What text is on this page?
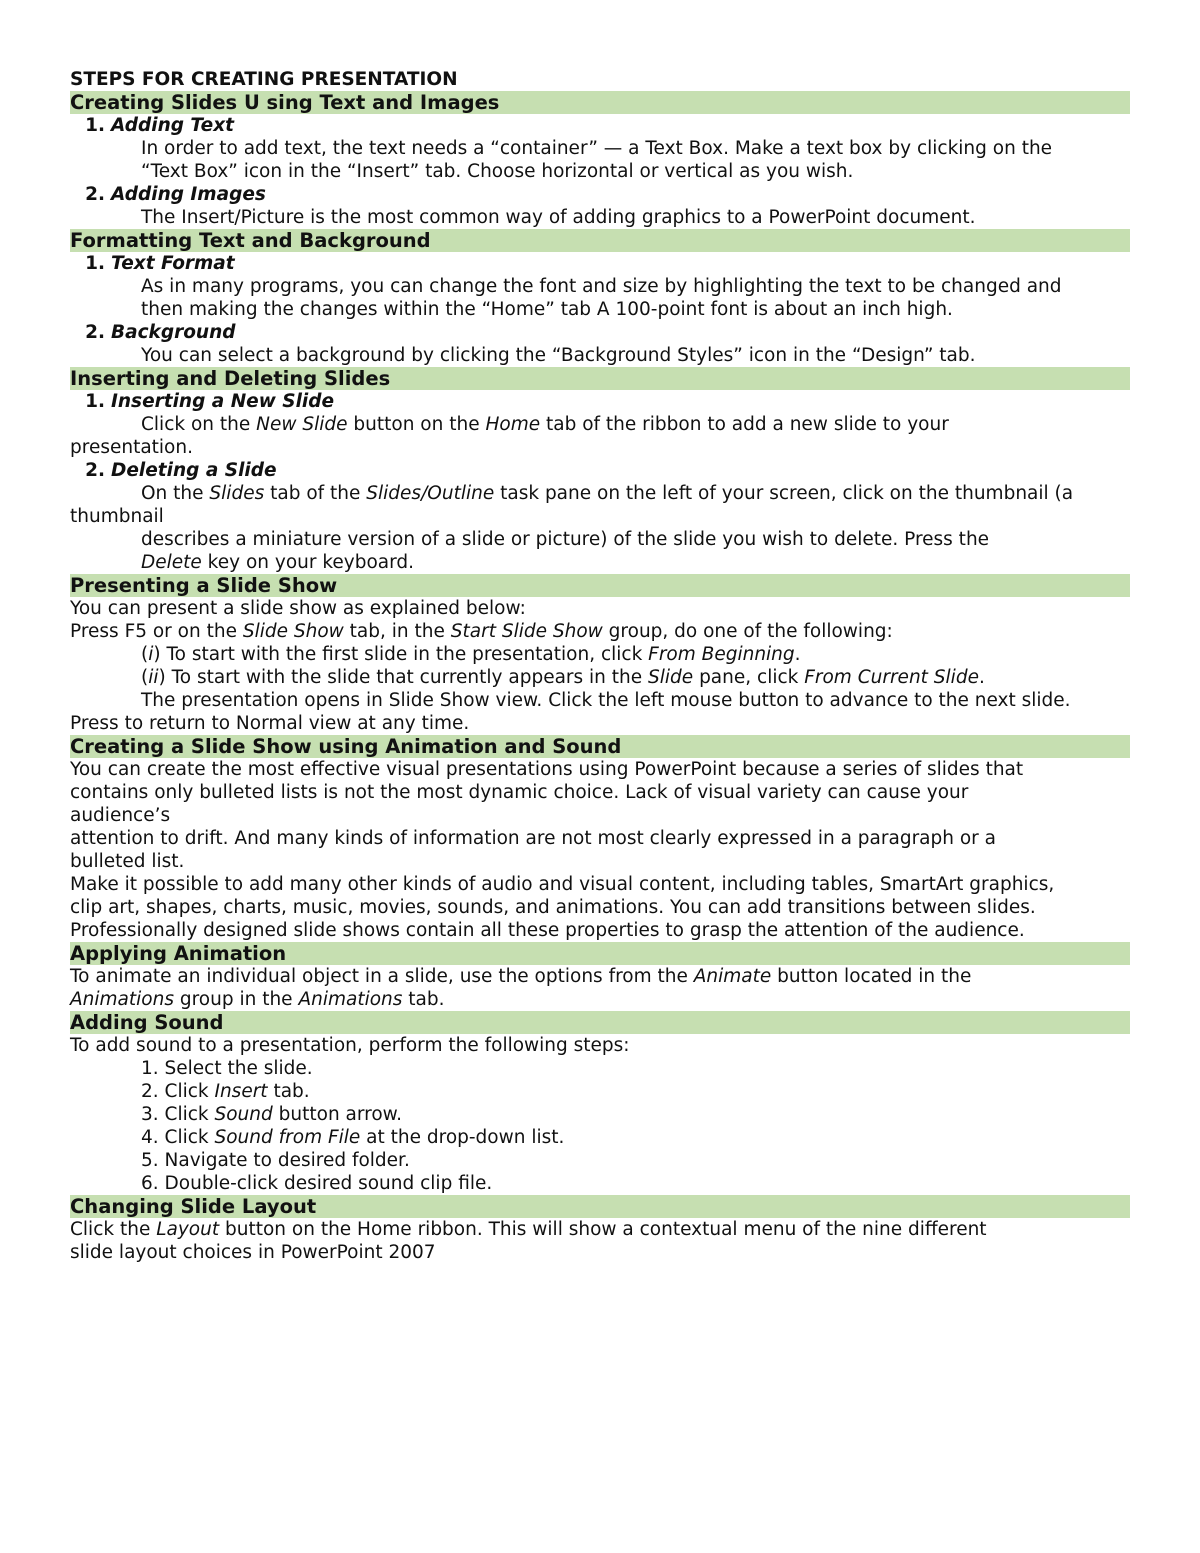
STEPS FOR CREATING PRESENTATION
Creating Slides U sing Text and Images
1. Adding Text
In order to add text, the text needs a “container” — a Text Box. Make a text box by clicking on the
“Text Box” icon in the “Insert” tab. Choose horizontal or vertical as you wish.
2. Adding Images
The Insert/Picture is the most common way of adding graphics to a PowerPoint document.
Formatting Text and Background
1. Text Format
As in many programs, you can change the font and size by highlighting the text to be changed and
then making the changes within the “Home” tab A 100-point font is about an inch high.
2. Background
You can select a background by clicking the “Background Styles” icon in the “Design” tab.
Inserting and Deleting Slides
1. Inserting a New Slide
Click on the New Slide button on the Home tab of the ribbon to add a new slide to your
presentation.
2. Deleting a Slide
On the Slides tab of the Slides/Outline task pane on the left of your screen, click on the thumbnail (a
thumbnail
describes a miniature version of a slide or picture) of the slide you wish to delete. Press the
Delete key on your keyboard.
Presenting a Slide Show
You can present a slide show as explained below:
Press F5 or on the Slide Show tab, in the Start Slide Show group, do one of the following:
(i) To start with the first slide in the presentation, click From Beginning.
(ii) To start with the slide that currently appears in the Slide pane, click From Current Slide.
The presentation opens in Slide Show view. Click the left mouse button to advance to the next slide.
Press to return to Normal view at any time.
Creating a Slide Show using Animation and Sound
You can create the most effective visual presentations using PowerPoint because a series of slides that
contains only bulleted lists is not the most dynamic choice. Lack of visual variety can cause your
audience’s
attention to drift. And many kinds of information are not most clearly expressed in a paragraph or a
bulleted list.
Make it possible to add many other kinds of audio and visual content, including tables, SmartArt graphics,
clip art, shapes, charts, music, movies, sounds, and animations. You can add transitions between slides.
Professionally designed slide shows contain all these properties to grasp the attention of the audience.
Applying Animation
To animate an individual object in a slide, use the options from the Animate button located in the
Animations group in the Animations tab.
Adding Sound
To add sound to a presentation, perform the following steps:
1. Select the slide.
2. Click Insert tab.
3. Click Sound button arrow.
4. Click Sound from File at the drop-down list.
5. Navigate to desired folder.
6. Double-click desired sound clip file.
Changing Slide Layout
Click the Layout button on the Home ribbon. This will show a contextual menu of the nine different
slide layout choices in PowerPoint 2007
